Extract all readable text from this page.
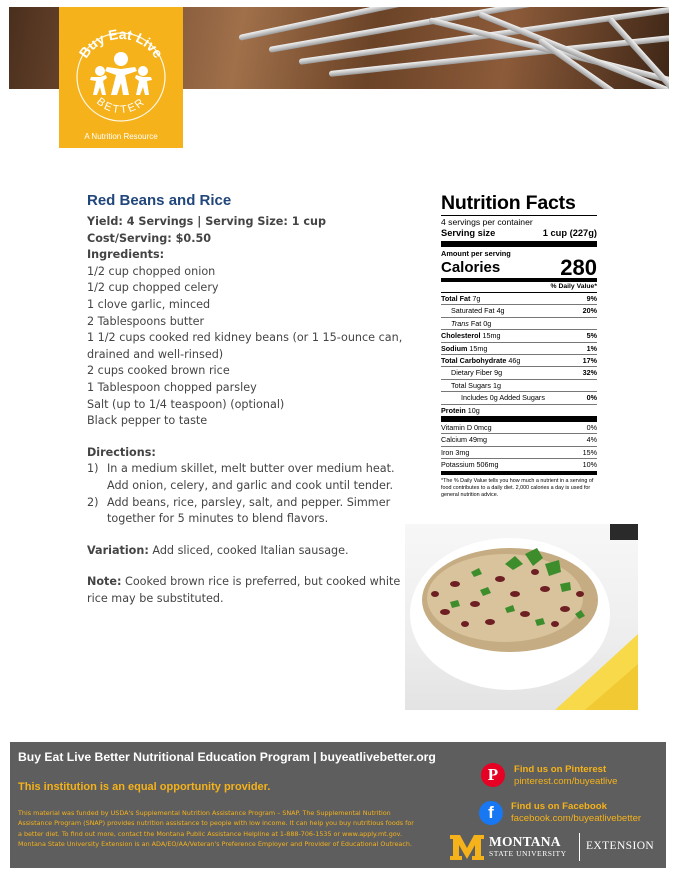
Buy Eat Live
BETTER
A Nutrition Resource
Red Beans and Rice
Yield: 4 Servings | Serving Size: 1 cup
Cost/Serving: $0.50
Ingredients:
1/2 cup chopped onion
1/2 cup chopped celery
1 clove garlic, minced
2 Tablespoons butter
1 1/2 cups cooked red kidney beans (or 1 15-ounce can, drained and well-rinsed)
2 cups cooked brown rice
1 Tablespoon chopped parsley
Salt (up to 1/4 teaspoon) (optional)
Black pepper to taste
Directions:
1) In a medium skillet, melt butter over medium heat. Add onion, celery, and garlic and cook until tender.
2) Add beans, rice, parsley, salt, and pepper. Simmer together for 5 minutes to blend flavors.
Variation: Add sliced, cooked Italian sausage.
Note: Cooked brown rice is preferred, but cooked white rice may be substituted.
Nutrition Facts
4 servings per container
Serving size	1 cup (227g)
Amount per serving
Calories	280
% Daily Value*
Total Fat 7g	9%
Saturated Fat 4g	20%
Trans Fat 0g
Cholesterol 15mg	5%
Sodium 15mg	1%
Total Carbohydrate 46g	17%
Dietary Fiber 9g	32%
Total Sugars 1g
Includes 0g Added Sugars	0%
Protein 10g
Vitamin D 0mcg	0%
Calcium 49mg	4%
Iron 3mg	15%
Potassium 506mg	10%
*The % Daily Value tells you how much a nutrient in a serving of food contributes to a daily diet. 2,000 calories a day is used for general nutrition advice.
Buy Eat Live Better Nutritional Education Program | buyeatlivebetter.org
This institution is an equal opportunity provider.
This material was funded by USDA's Supplemental Nutrition Assistance Program – SNAP. The Supplemental Nutrition Assistance Program (SNAP) provides nutrition assistance to people with low income. It can help you buy nutritious foods for a better diet. To find out more, contact the Montana Public Assistance Helpline at 1-888-706-1535 or www.apply.mt.gov. Montana State University Extension is an ADA/EO/AA/Veteran's Preference Employer and Provider of Educational Outreach.
P	Find us on Pinterest
pinterest.com/buyeatlive
f	Find us on Facebook
facebook.com/buyeatlivebetter
MONTANA
STATE UNIVERSITY
EXTENSION
